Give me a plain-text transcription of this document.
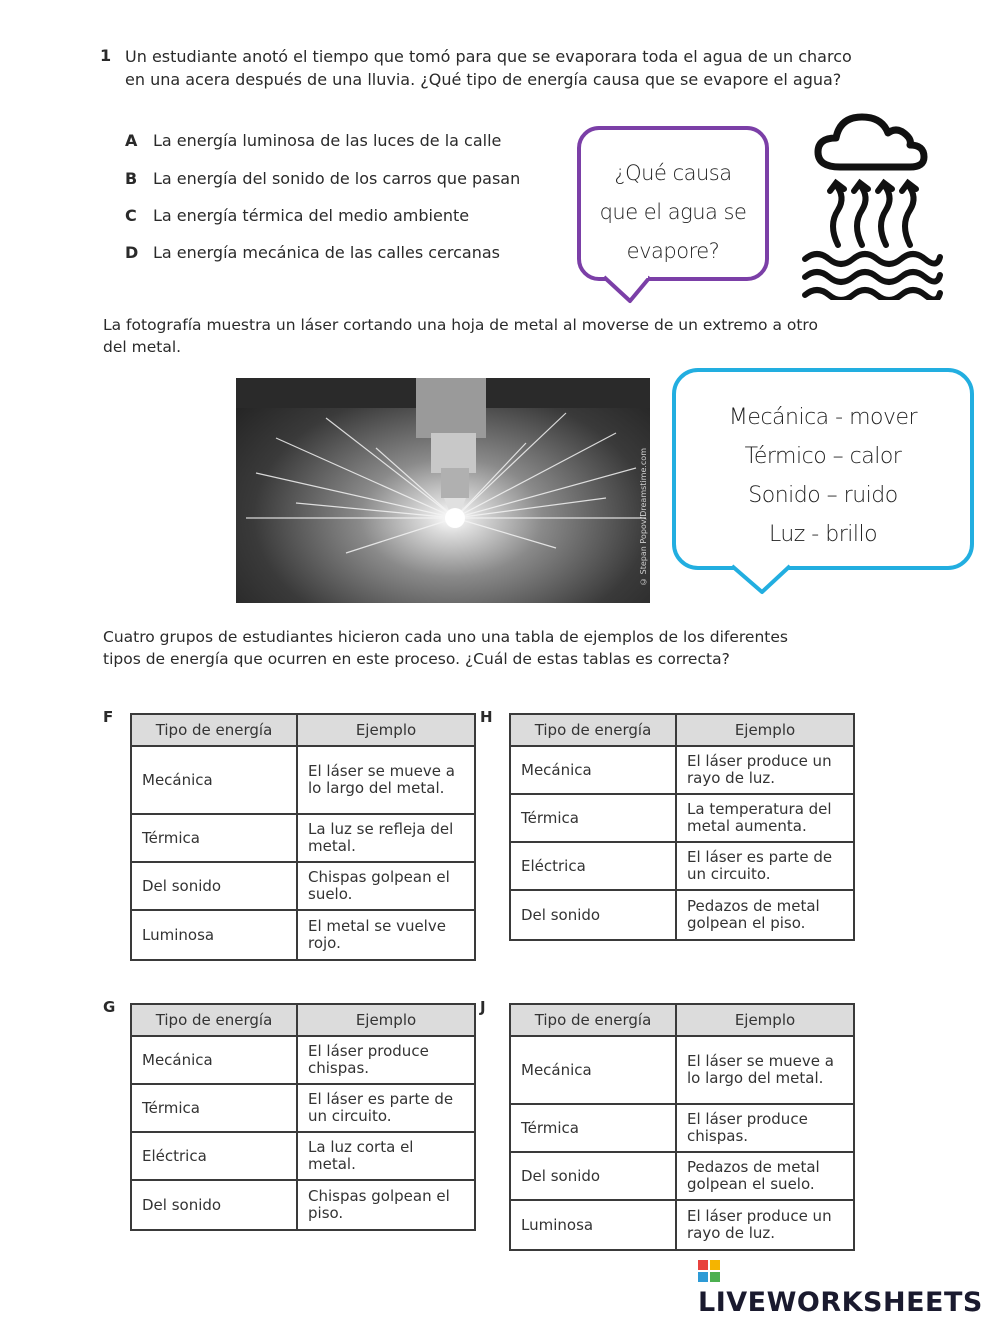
1 Un estudiante anotó el tiempo que tomó para que se evaporara toda el agua de un charco en una acera después de una lluvia. ¿Qué tipo de energía causa que se evapore el agua?
A La energía luminosa de las luces de la calle
B La energía del sonido de los carros que pasan
C La energía térmica del medio ambiente
D La energía mecánica de las calles cercanas
¿Qué causa
que el agua se
evapore?
La fotografía muestra un láser cortando una hoja de metal al moverse de un extremo a otro del metal.
© Stepan Popov/Dreamstime.com
Mecánica - mover
Térmico – calor
Sonido – ruido
Luz - brillo
Cuatro grupos de estudiantes hicieron cada uno una tabla de ejemplos de los diferentes tipos de energía que ocurren en este proceso. ¿Cuál de estas tablas es correcta?
F
Tipo de energía	Ejemplo
Mecánica	El láser se mueve a lo largo del metal.
Térmica	La luz se refleja del metal.
Del sonido	Chispas golpean el suelo.
Luminosa	El metal se vuelve rojo.
H
Tipo de energía	Ejemplo
Mecánica	El láser produce un rayo de luz.
Térmica	La temperatura del metal aumenta.
Eléctrica	El láser es parte de un circuito.
Del sonido	Pedazos de metal golpean el piso.
G
Tipo de energía	Ejemplo
Mecánica	El láser produce chispas.
Térmica	El láser es parte de un circuito.
Eléctrica	La luz corta el metal.
Del sonido	Chispas golpean el piso.
J
Tipo de energía	Ejemplo
Mecánica	El láser se mueve a lo largo del metal.
Térmica	El láser produce chispas.
Del sonido	Pedazos de metal golpean el suelo.
Luminosa	El láser produce un rayo de luz.
LIVEWORKSHEETS
